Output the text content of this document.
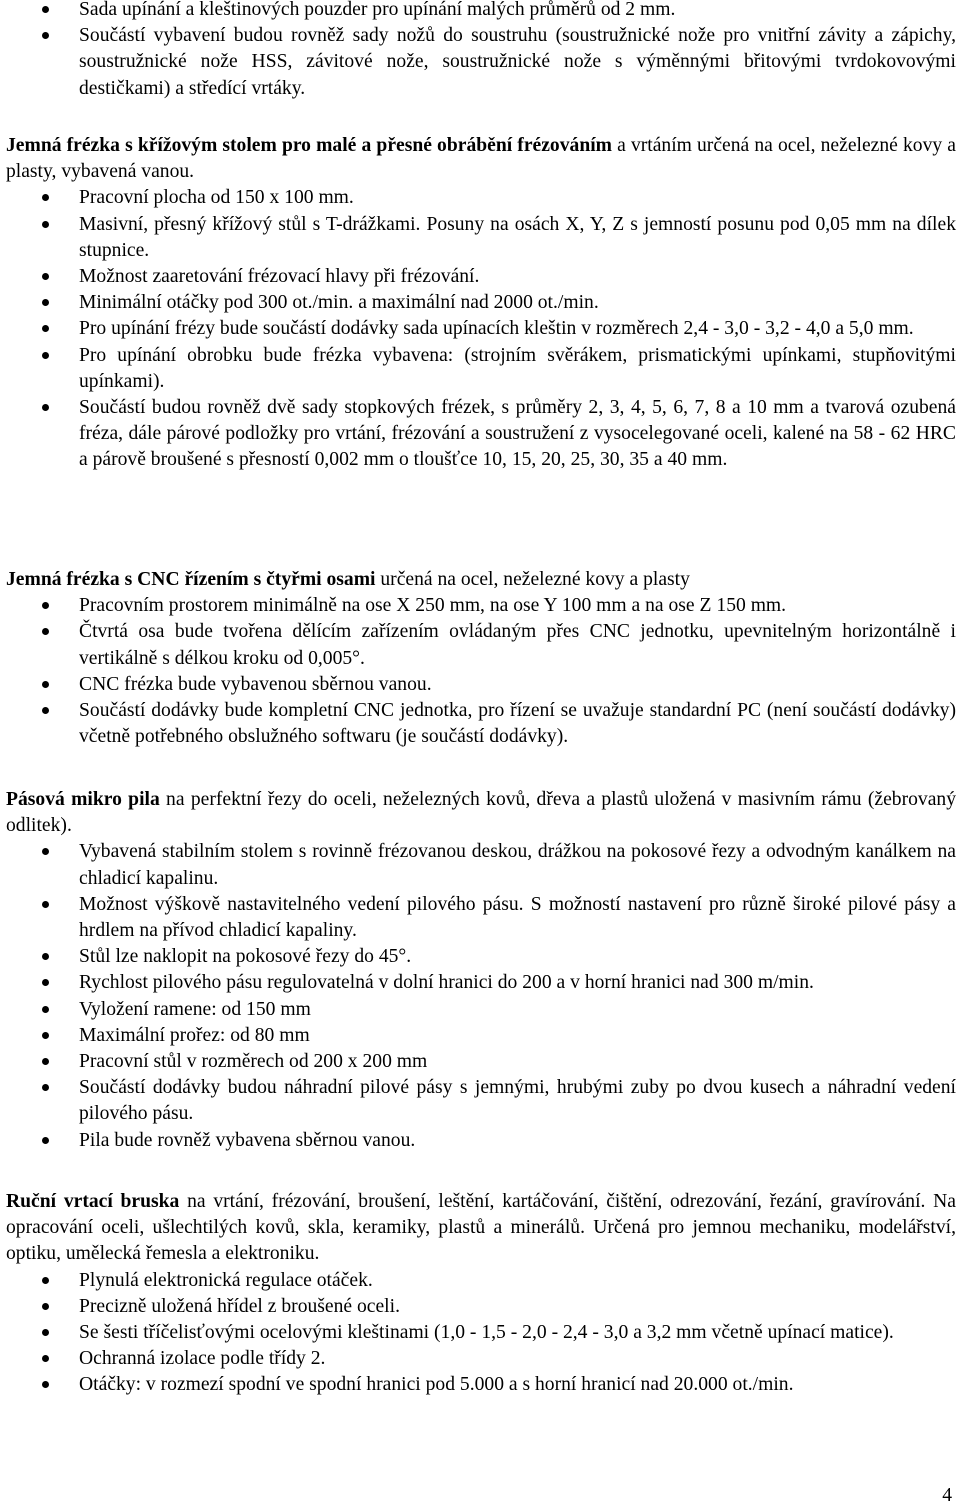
Sada upínání a kleštinových pouzder pro upínání malých průměrů od 2 mm.
Součástí vybavení budou rovněž sady nožů do soustruhu (soustružnické nože pro vnitřní závity a zápichy, soustružnické nože HSS, závitové nože, soustružnické nože s výměnnými břitovými tvrdokovovými destičkami) a středící vrtáky.
Jemná frézka s křížovým stolem pro malé a přesné obrábění frézováním a vrtáním určená na ocel, neželezné kovy a plasty, vybavená vanou.
Pracovní plocha od 150 x 100 mm.
Masivní, přesný křížový stůl s T-drážkami. Posuny na osách X, Y, Z s jemností posunu pod 0,05 mm na dílek stupnice.
Možnost zaaretování frézovací hlavy při frézování.
Minimální otáčky pod 300 ot./min. a maximální nad 2000 ot./min.
Pro upínání frézy bude součástí dodávky sada upínacích kleštin v rozměrech 2,4 - 3,0 - 3,2 - 4,0 a 5,0 mm.
Pro upínání obrobku bude frézka vybavena: (strojním svěrákem, prismatickými upínkami, stupňovitými upínkami).
Součástí budou rovněž dvě sady stopkových frézek, s průměry 2, 3, 4, 5, 6, 7, 8 a 10 mm a tvarová ozubená fréza, dále párové podložky pro vrtání, frézování a soustružení z vysocelegované oceli, kalené na 58 - 62 HRC a párově broušené s přesností 0,002 mm o tloušťce 10, 15, 20, 25, 30, 35 a 40 mm.
Jemná frézka s CNC řízením s čtyřmi osami určená na ocel, neželezné kovy a plasty
Pracovním prostorem minimálně na ose X 250 mm, na ose Y 100 mm a na ose Z 150 mm.
Čtvrtá osa bude tvořena dělícím zařízením ovládaným přes CNC jednotku, upevnitelným horizontálně i vertikálně s délkou kroku od 0,005°.
CNC frézka bude vybavenou sběrnou vanou.
Součástí dodávky bude kompletní CNC jednotka, pro řízení se uvažuje standardní PC (není součástí dodávky) včetně potřebného obslužného softwaru (je součástí dodávky).
Pásová mikro pila na perfektní řezy do oceli, neželezných kovů, dřeva a plastů uložená v masivním rámu (žebrovaný odlitek).
Vybavená stabilním stolem s rovinně frézovanou deskou, drážkou na pokosové řezy a odvodným kanálkem na chladicí kapalinu.
Možnost výškově nastavitelného vedení pilového pásu. S možností nastavení pro různě široké pilové pásy a hrdlem na přívod chladicí kapaliny.
Stůl lze naklopit na pokosové řezy do 45°.
Rychlost pilového pásu regulovatelná v dolní hranici do 200 a v horní hranici nad 300 m/min.
Vyložení ramene: od 150 mm
Maximální prořez: od 80 mm
Pracovní stůl v rozměrech od 200 x 200 mm
Součástí dodávky budou náhradní pilové pásy s jemnými, hrubými zuby po dvou kusech a náhradní vedení pilového pásu.
Pila bude rovněž vybavena sběrnou vanou.
Ruční vrtací bruska na vrtání, frézování, broušení, leštění, kartáčování, čištění, odrezování, řezání, gravírování. Na opracování oceli, ušlechtilých kovů, skla, keramiky, plastů a minerálů. Určená pro jemnou mechaniku, modelářství, optiku, umělecká řemesla a elektroniku.
Plynulá elektronická regulace otáček.
Precizně uložená hřídel z broušené oceli.
Se šesti tříčelisťovými ocelovými kleštinami (1,0 - 1,5 - 2,0 - 2,4 - 3,0 a 3,2 mm včetně upínací matice).
Ochranná izolace podle třídy 2.
Otáčky: v rozmezí spodní ve spodní hranici pod 5.000 a s horní hranicí nad 20.000 ot./min.
4
